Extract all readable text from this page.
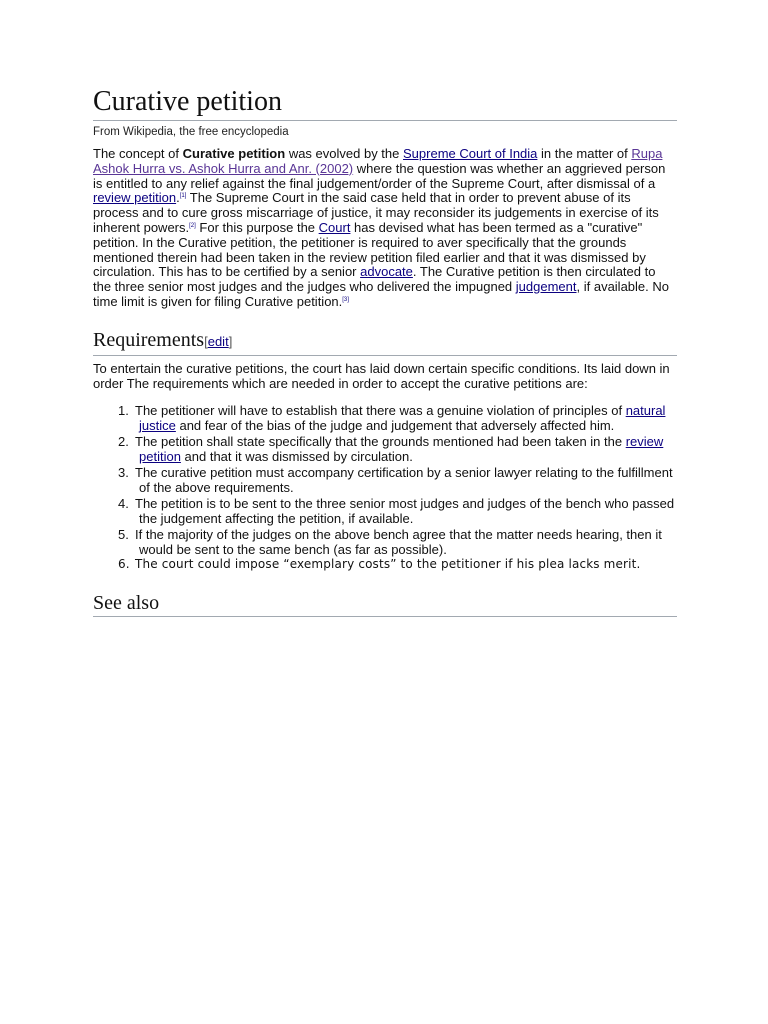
Curative petition
From Wikipedia, the free encyclopedia

The concept of Curative petition was evolved by the Supreme Court of India in the matter of Rupa Ashok Hurra vs. Ashok Hurra and Anr. (2002) where the question was whether an aggrieved person is entitled to any relief against the final judgement/order of the Supreme Court, after dismissal of a review petition.[1] The Supreme Court in the said case held that in order to prevent abuse of its process and to cure gross miscarriage of justice, it may reconsider its judgements in exercise of its inherent powers.[2] For this purpose the Court has devised what has been termed as a "curative" petition. In the Curative petition, the petitioner is required to aver specifically that the grounds mentioned therein had been taken in the review petition filed earlier and that it was dismissed by circulation. This has to be certified by a senior advocate. The Curative petition is then circulated to the three senior most judges and the judges who delivered the impugned judgement, if available. No time limit is given for filing Curative petition.[3]

Requirements[edit]

To entertain the curative petitions, the court has laid down certain specific conditions. Its laid down in order The requirements which are needed in order to accept the curative petitions are:

1. The petitioner will have to establish that there was a genuine violation of principles of natural justice and fear of the bias of the judge and judgement that adversely affected him.
2. The petition shall state specifically that the grounds mentioned had been taken in the review petition and that it was dismissed by circulation.
3. The curative petition must accompany certification by a senior lawyer relating to the fulfillment of the above requirements.
4. The petition is to be sent to the three senior most judges and judges of the bench who passed the judgement affecting the petition, if available.
5. If the majority of the judges on the above bench agree that the matter needs hearing, then it would be sent to the same bench (as far as possible).
6. The court could impose “exemplary costs” to the petitioner if his plea lacks merit.
See also
